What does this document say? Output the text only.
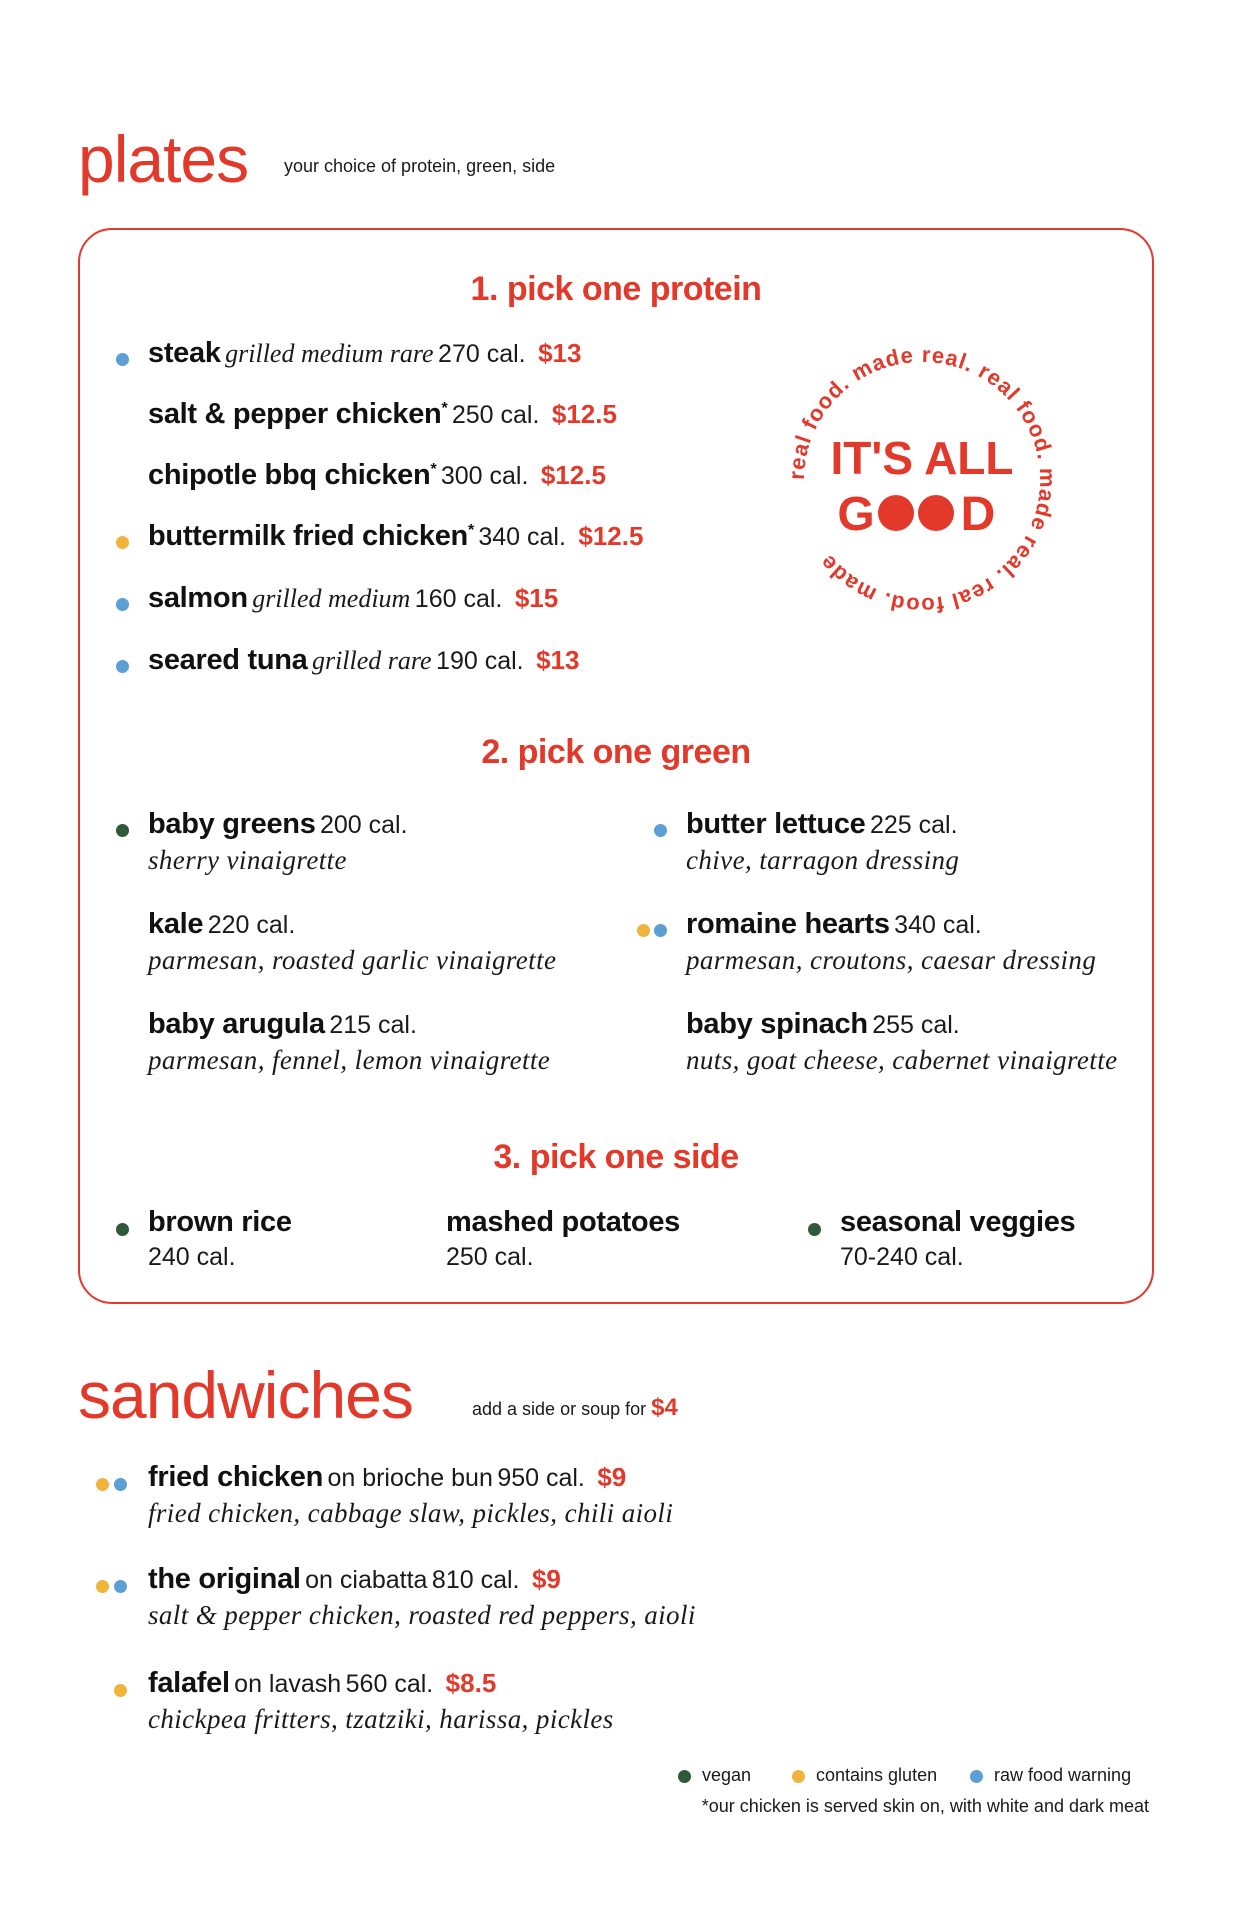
plates your choice of protein, green, side
1. pick one protein
steak grilled medium rare 270 cal. $13
salt & pepper chicken* 250 cal. $12.5
chipotle bbq chicken* 300 cal. $12.5
buttermilk fried chicken* 340 cal. $12.5
salmon grilled medium 160 cal. $15
seared tuna grilled rare 190 cal. $13
2. pick one green
baby greens 200 cal.
sherry vinaigrette
kale 220 cal.
parmesan, roasted garlic vinaigrette
baby arugula 215 cal.
parmesan, fennel, lemon vinaigrette
butter lettuce 225 cal.
chive, tarragon dressing
romaine hearts 340 cal.
parmesan, croutons, caesar dressing
baby spinach 255 cal.
nuts, goat cheese, cabernet vinaigrette
3. pick one side
brown rice
240 cal.
mashed potatoes
250 cal.
seasonal veggies
70-240 cal.
real food. made real. real food. made real. real food. made
IT'S ALL
G D
sandwiches	add a side or soup for $4
fried chicken on brioche bun 950 cal. $9
fried chicken, cabbage slaw, pickles, chili aioli
the original on ciabatta 810 cal. $9
salt & pepper chicken, roasted red peppers, aioli
falafel on lavash 560 cal. $8.5
chickpea fritters, tzatziki, harissa, pickles
vegan	contains gluten	raw food warning
*our chicken is served skin on, with white and dark meat
